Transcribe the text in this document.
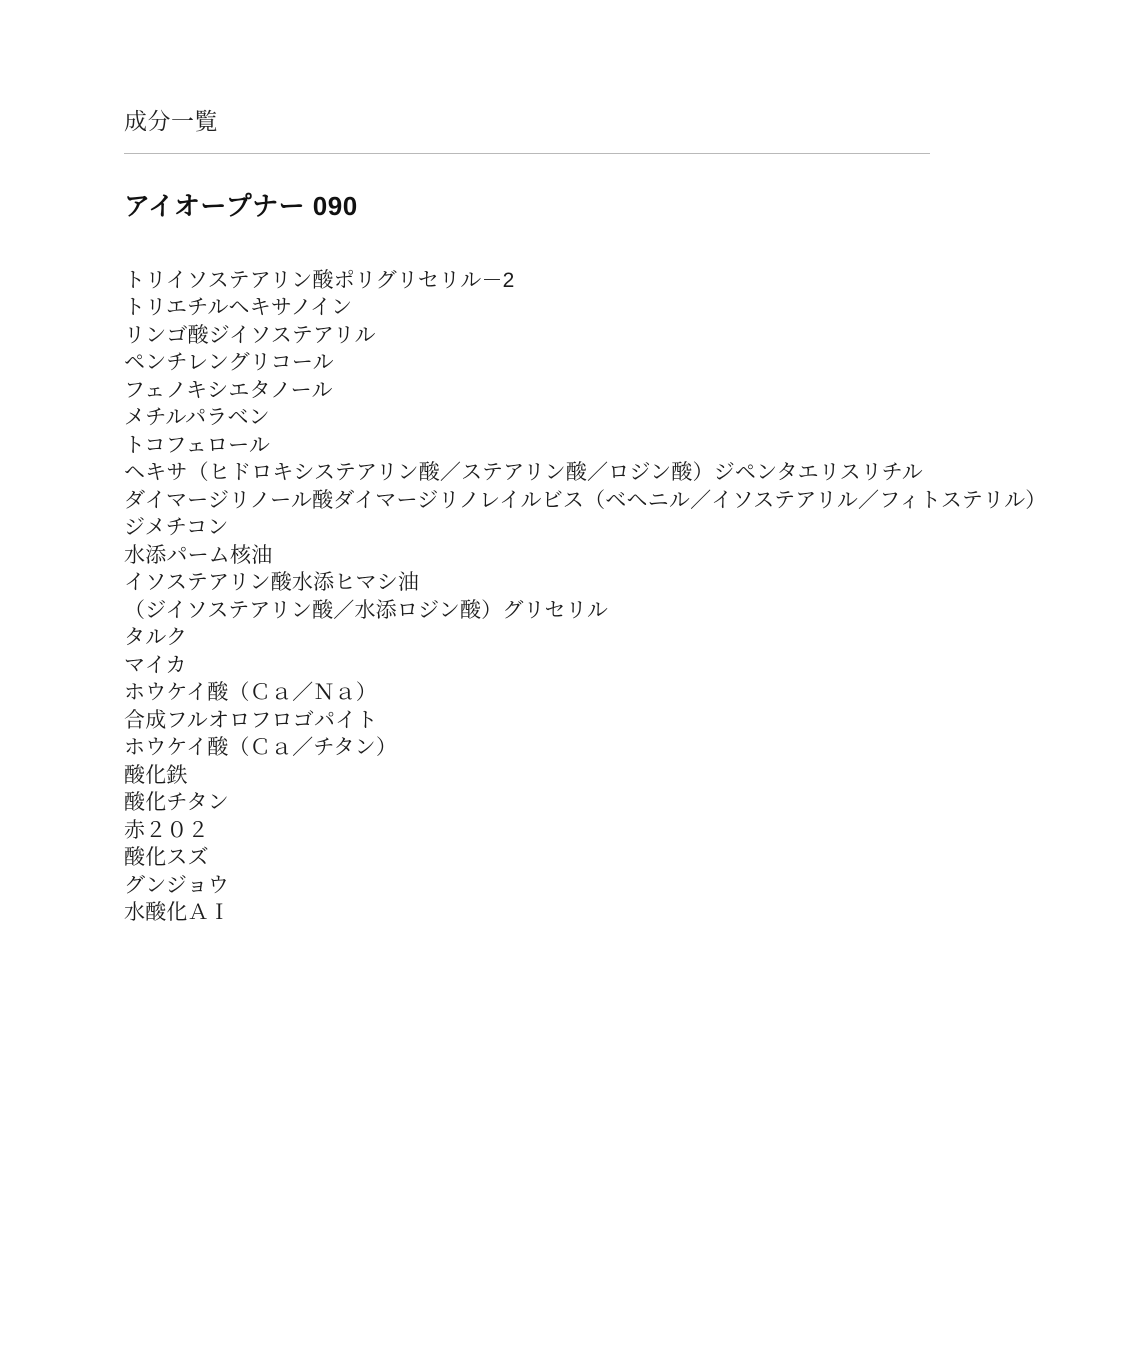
成分一覧
アイオープナー 090
トリイソステアリン酸ポリグリセリル－2
トリエチルヘキサノイン
リンゴ酸ジイソステアリル
ペンチレングリコール
フェノキシエタノール
メチルパラベン
トコフェロール
ヘキサ（ヒドロキシステアリン酸／ステアリン酸／ロジン酸）ジペンタエリスリチル
ダイマージリノール酸ダイマージリノレイルビス（ベヘニル／イソステアリル／フィトステリル）
ジメチコン
水添パーム核油
イソステアリン酸水添ヒマシ油
（ジイソステアリン酸／水添ロジン酸）グリセリル
タルク
マイカ
ホウケイ酸（Ｃａ／Ｎａ）
合成フルオロフロゴパイト
ホウケイ酸（Ｃａ／チタン）
酸化鉄
酸化チタン
赤２０２
酸化スズ
グンジョウ
水酸化ＡＩ
